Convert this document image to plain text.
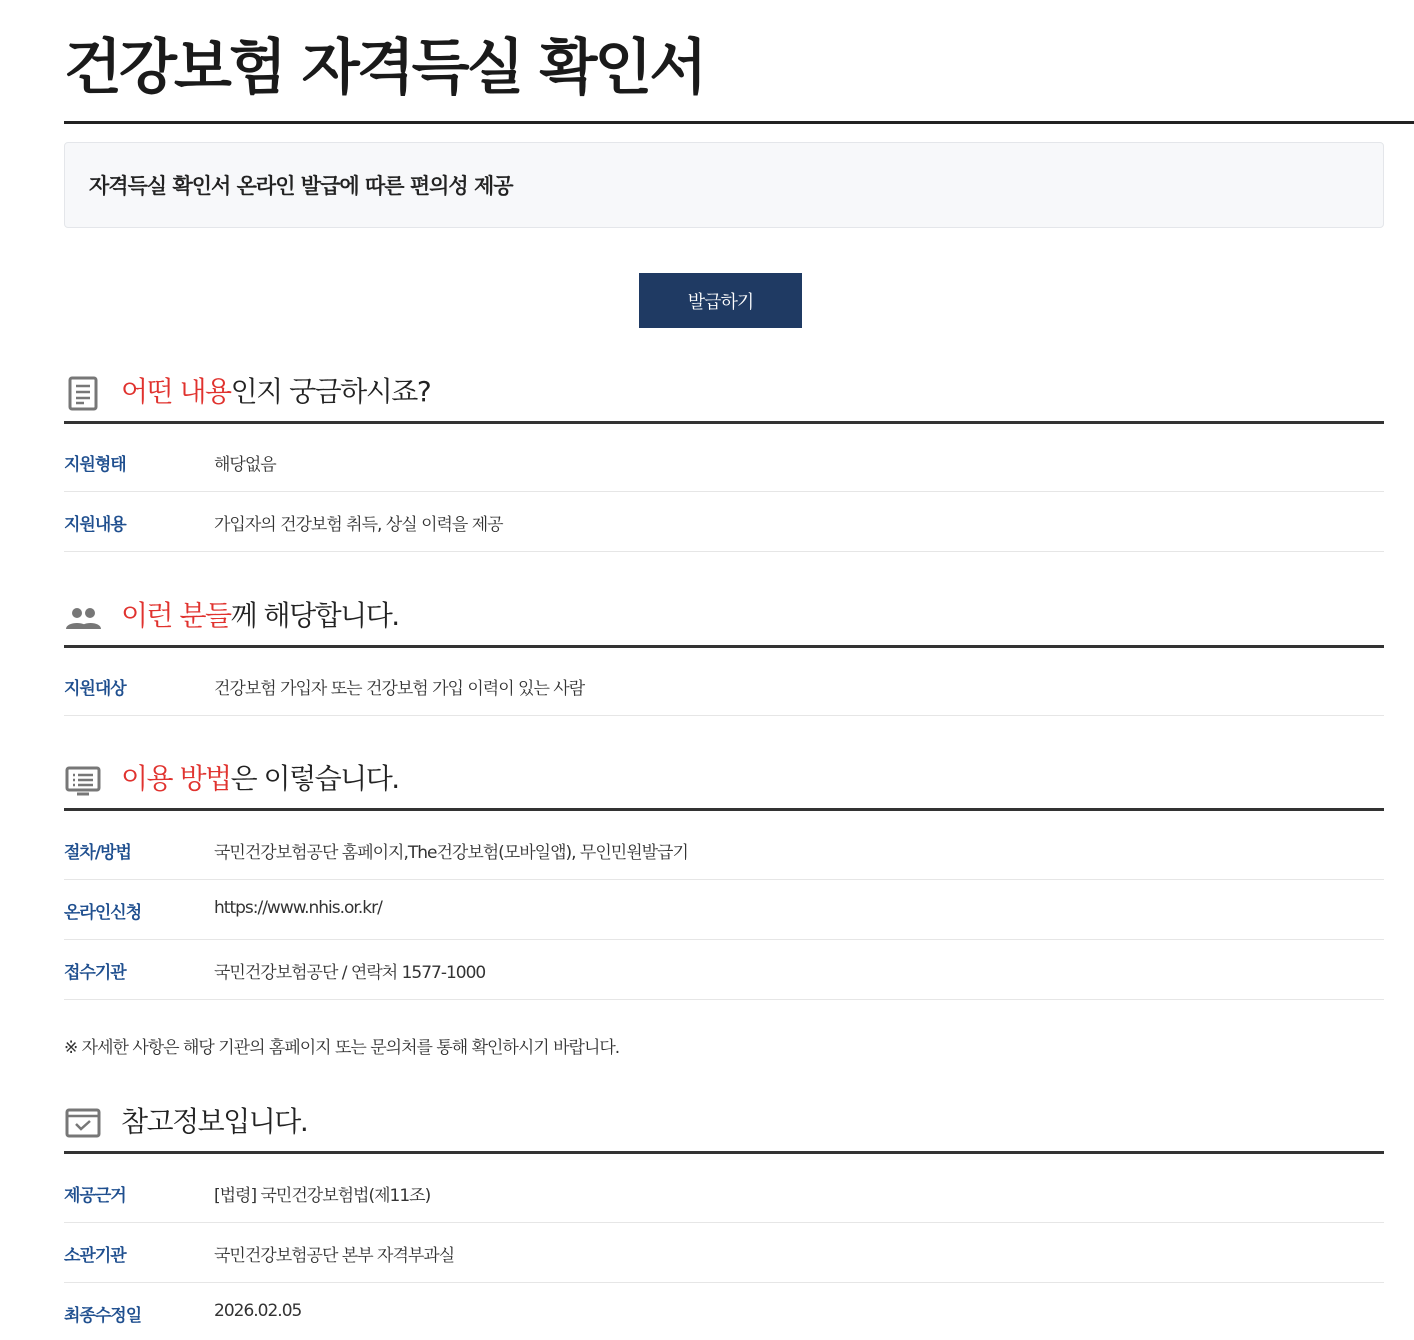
건강보험 자격득실 확인서
자격득실 확인서 온라인 발급에 따른 편의성 제공
발급하기
어떤 내용인지 궁금하시죠?
지원형태	해당없음
지원내용	가입자의 건강보험 취득, 상실 이력을 제공
이런 분들께 해당합니다.
지원대상	건강보험 가입자 또는 건강보험 가입 이력이 있는 사람
이용 방법은 이렇습니다.
절차/방법	국민건강보험공단 홈페이지,The건강보험(모바일앱), 무인민원발급기
온라인신청	https://www.nhis.or.kr/
접수기관	국민건강보험공단 / 연락처 1577-1000
※ 자세한 사항은 해당 기관의 홈페이지 또는 문의처를 통해 확인하시기 바랍니다.
참고정보입니다.
제공근거	[법령] 국민건강보험법(제11조)
소관기관	국민건강보험공단 본부 자격부과실
최종수정일	2026.02.05
